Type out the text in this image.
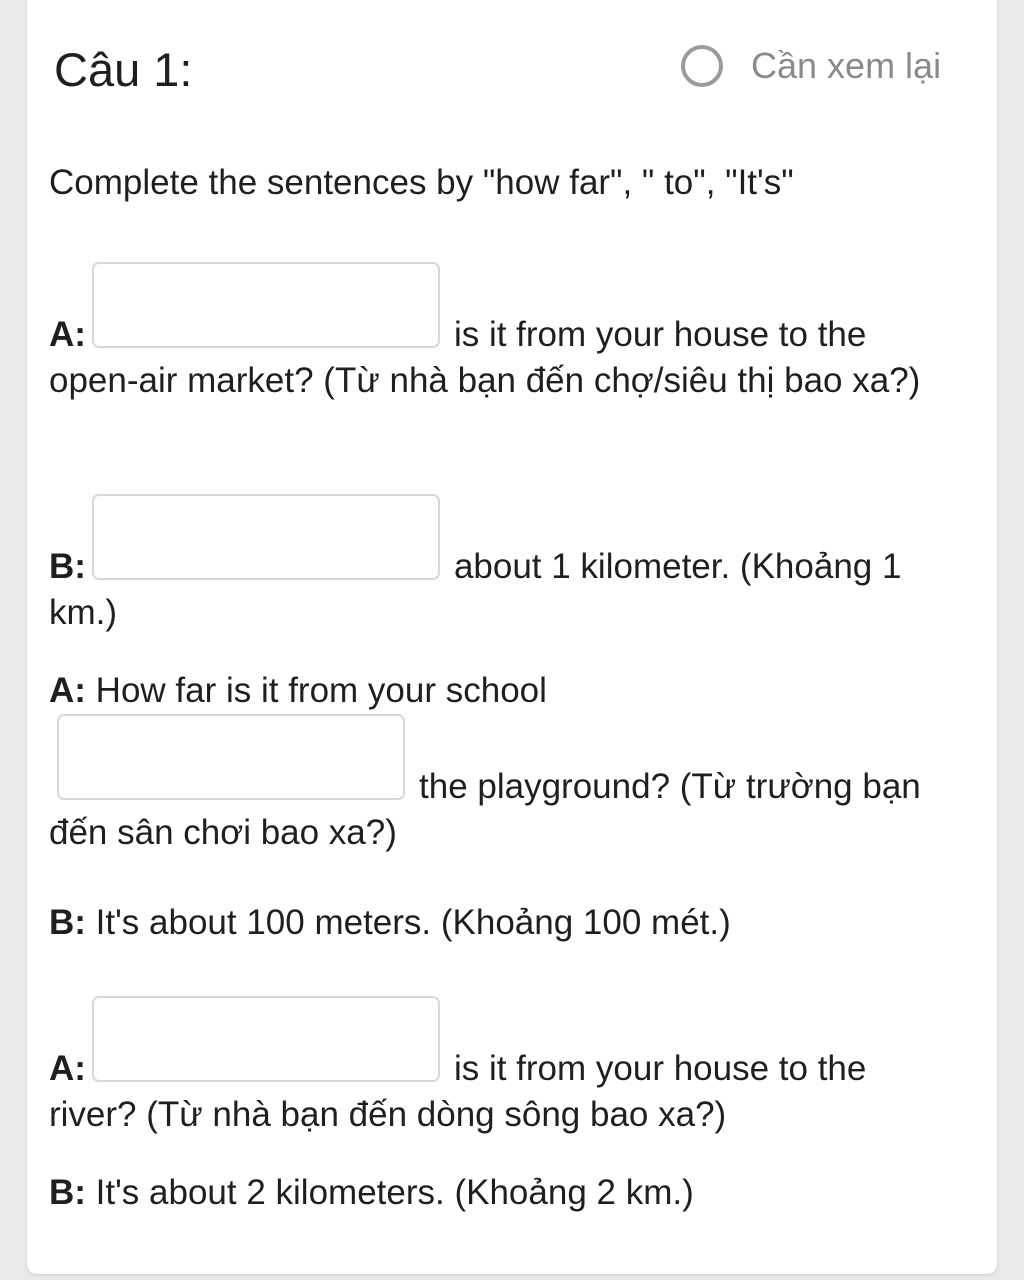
Câu 1:	Cần xem lại

Complete the sentences by "how far", " to", "It's"

A:	is it from your house to the open-air market? (Từ nhà bạn đến chợ/siêu thị bao xa?)
B:	about 1 kilometer. (Khoảng 1 km.)
A: How far is it from your school
the playground? (Từ trường bạn đến sân chơi bao xa?)
B: It's about 100 meters. (Khoảng 100 mét.)
A:	is it from your house to the river? (Từ nhà bạn đến dòng sông bao xa?)
B: It's about 2 kilometers. (Khoảng 2 km.)
